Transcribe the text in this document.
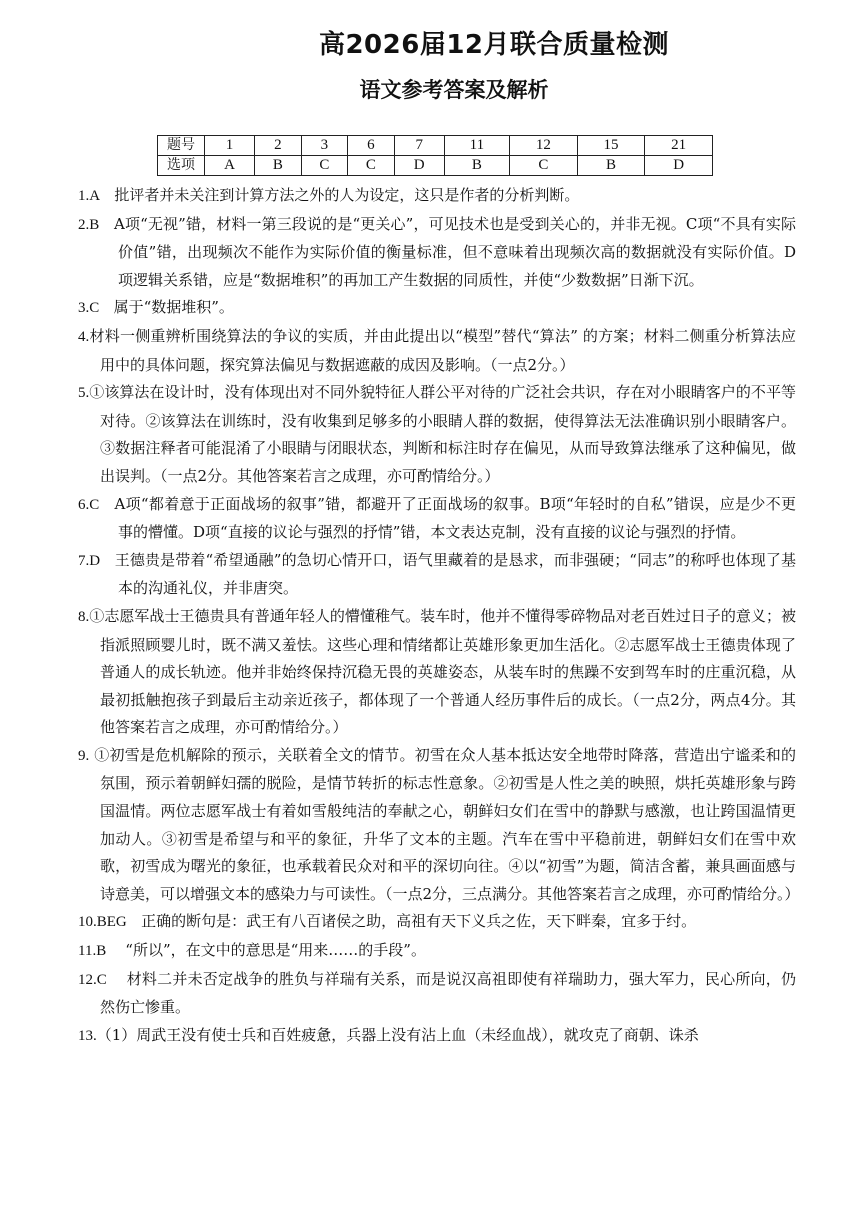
高2026届12月联合质量检测
语文参考答案及解析
题号	1	2	3	6	7	11	12	15	21
选项	A	B	C	C	D	B	C	B	D

1.A 批评者并未关注到计算方法之外的人为设定，这只是作者的分析判断。

2.B A项“无视”错，材料一第三段说的是“更关心”，可见技术也是受到关心的，并非无视。C项“不具有实际价值”错，出现频次不能作为实际价值的衡量标准，但不意味着出现频次高的数据就没有实际价值。D项逻辑关系错，应是“数据堆积”的再加工产生数据的同质性，并使“少数数据”日渐下沉。

3.C 属于“数据堆积”。

4.材料一侧重辨析围绕算法的争议的实质，并由此提出以“模型”替代“算法” 的方案；材料二侧重分析算法应用中的具体问题，探究算法偏见与数据遮蔽的成因及影响。（一点2分。）

5.①该算法在设计时，没有体现出对不同外貌特征人群公平对待的广泛社会共识，存在对小眼睛客户的不平等对待。②该算法在训练时，没有收集到足够多的小眼睛人群的数据，使得算法无法准确识别小眼睛客户。③数据注释者可能混淆了小眼睛与闭眼状态，判断和标注时存在偏见，从而导致算法继承了这种偏见，做出误判。（一点2分。其他答案若言之成理，亦可酌情给分。）

6.C A项“都着意于正面战场的叙事”错，都避开了正面战场的叙事。B项“年轻时的自私”错误，应是少不更事的懵懂。D项“直接的议论与强烈的抒情”错，本文表达克制，没有直接的议论与强烈的抒情。

7.D 王德贵是带着“希望通融”的急切心情开口，语气里藏着的是恳求，而非强硬；“同志”的称呼也体现了基本的沟通礼仪，并非唐突。

8.①志愿军战士王德贵具有普通年轻人的懵懂稚气。装车时，他并不懂得零碎物品对老百姓过日子的意义；被指派照顾婴儿时，既不满又羞怯。这些心理和情绪都让英雄形象更加生活化。②志愿军战士王德贵体现了普通人的成长轨迹。他并非始终保持沉稳无畏的英雄姿态，从装车时的焦躁不安到驾车时的庄重沉稳，从最初抵触抱孩子到最后主动亲近孩子，都体现了一个普通人经历事件后的成长。（一点2分，两点4分。其他答案若言之成理，亦可酌情给分。）

9. ①初雪是危机解除的预示，关联着全文的情节。初雪在众人基本抵达安全地带时降落，营造出宁谧柔和的氛围，预示着朝鲜妇孺的脱险，是情节转折的标志性意象。②初雪是人性之美的映照，烘托英雄形象与跨国温情。两位志愿军战士有着如雪般纯洁的奉献之心，朝鲜妇女们在雪中的静默与感激，也让跨国温情更加动人。③初雪是希望与和平的象征，升华了文本的主题。汽车在雪中平稳前进，朝鲜妇女们在雪中欢歌，初雪成为曙光的象征，也承载着民众对和平的深切向往。④以“初雪”为题，简洁含蓄，兼具画面感与诗意美，可以增强文本的感染力与可读性。（一点2分，三点满分。其他答案若言之成理，亦可酌情给分。）

10.BEG 正确的断句是：武王有八百诸侯之助，高祖有天下义兵之佐，天下畔秦，宜多于纣。

11.B    “所以”，在文中的意思是“用来……的手段”。

12.C    材料二并未否定战争的胜负与祥瑞有关系，而是说汉高祖即使有祥瑞助力，强大军力，民心所向，仍然伤亡惨重。

13.（1）周武王没有使士兵和百姓疲惫，兵器上没有沾上血（未经血战），就攻克了商朝、诛杀
